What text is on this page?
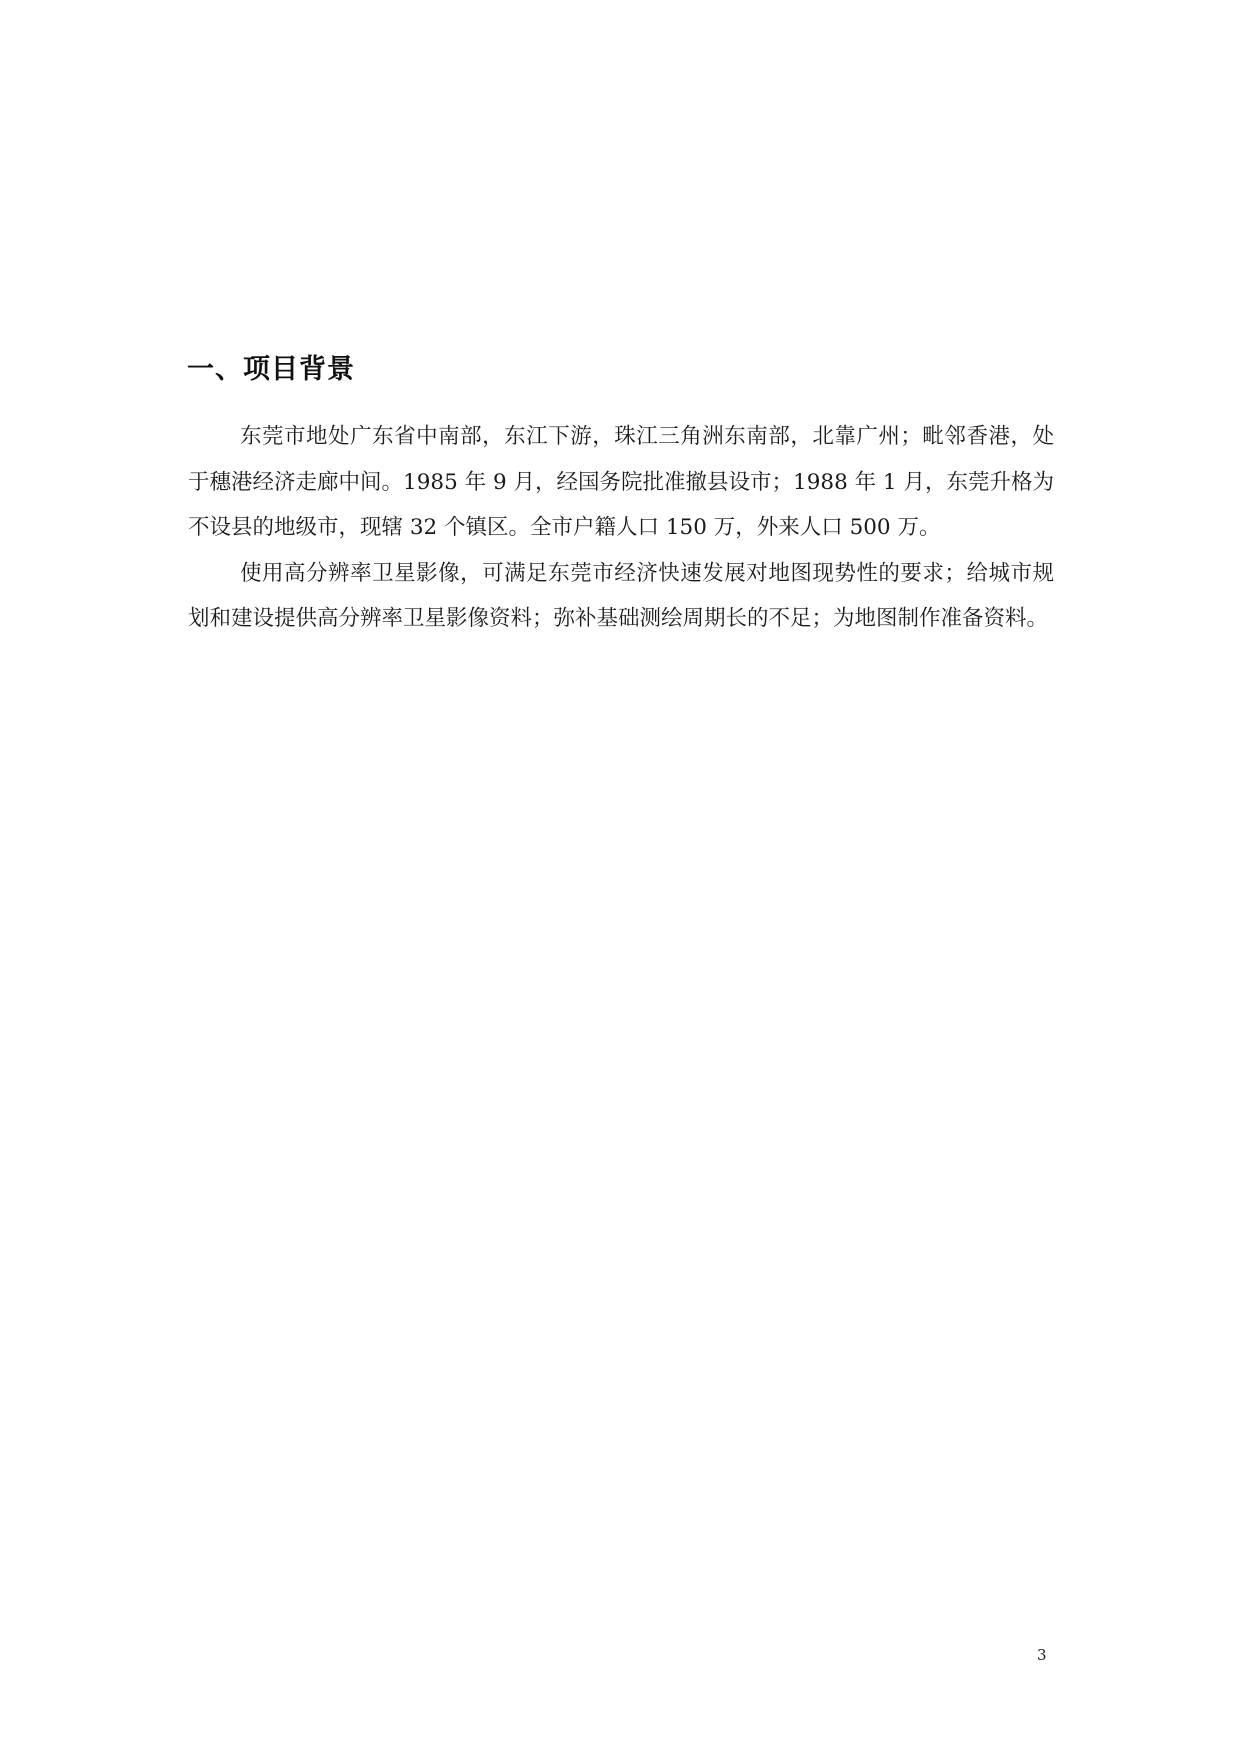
一、项目背景

东莞市地处广东省中南部，东江下游，珠江三角洲东南部，北靠广州；毗邻香港，处于穗港经济走廊中间。1985 年 9 月，经国务院批准撤县设市；1988 年 1 月，东莞升格为不设县的地级市，现辖 32 个镇区。全市户籍人口 150 万，外来人口 500 万。

使用高分辨率卫星影像，可满足东莞市经济快速发展对地图现势性的要求；给城市规划和建设提供高分辨率卫星影像资料；弥补基础测绘周期长的不足；为地图制作准备资料。

3
